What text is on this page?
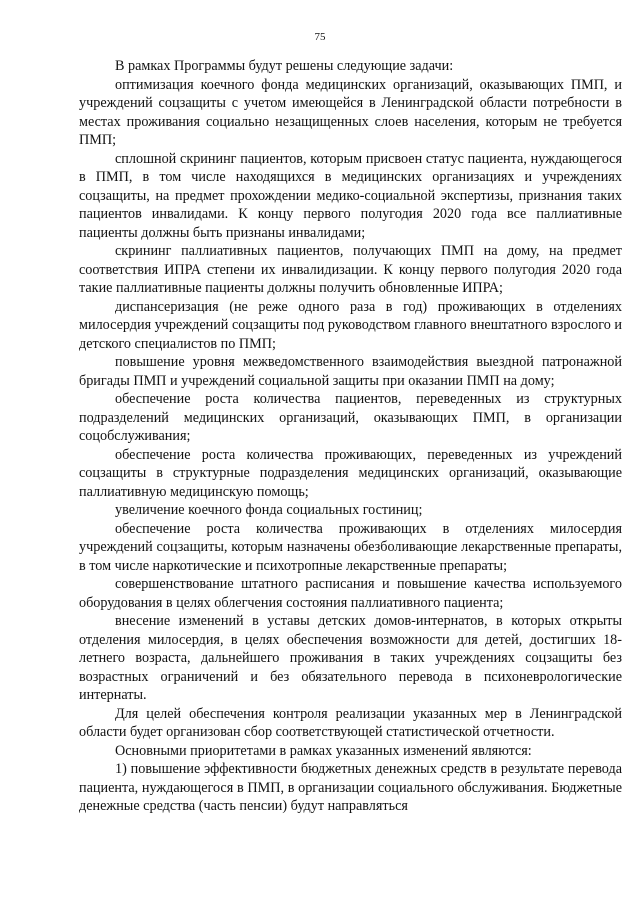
75

В рамках Программы будут решены следующие задачи:

оптимизация коечного фонда медицинских организаций, оказывающих ПМП, и учреждений соцзащиты с учетом имеющейся в Ленинградской области потребности в местах проживания социально незащищенных слоев населения, которым не требуется ПМП;

сплошной скрининг пациентов, которым присвоен статус пациента, нуждающегося в ПМП, в том числе находящихся в медицинских организациях и учреждениях соцзащиты, на предмет прохождении медико-социальной экспертизы, признания таких пациентов инвалидами. К концу первого полугодия 2020 года все паллиативные пациенты должны быть признаны инвалидами;

скрининг паллиативных пациентов, получающих ПМП на дому, на предмет соответствия ИПРА степени их инвалидизации. К концу первого полугодия 2020 года такие паллиативные пациенты должны получить обновленные ИПРА;

диспансеризация (не реже одного раза в год) проживающих в отделениях милосердия учреждений соцзащиты под руководством главного внештатного взрослого и детского специалистов по ПМП;

повышение уровня межведомственного взаимодействия выездной патронажной бригады ПМП и учреждений социальной защиты при оказании ПМП на дому;

обеспечение роста количества пациентов, переведенных из структурных подразделений медицинских организаций, оказывающих ПМП, в организации соцобслуживания;

обеспечение роста количества проживающих, переведенных из учреждений соцзащиты в структурные подразделения медицинских организаций, оказывающие паллиативную медицинскую помощь;

увеличение коечного фонда социальных гостиниц;

обеспечение роста количества проживающих в отделениях милосердия учреждений соцзащиты, которым назначены обезболивающие лекарственные препараты, в том числе наркотические и психотропные лекарственные препараты;

совершенствование штатного расписания и повышение качества используемого оборудования в целях облегчения состояния паллиативного пациента;

внесение изменений в уставы детских домов-интернатов, в которых открыты отделения милосердия, в целях обеспечения возможности для детей, достигших 18-летнего возраста, дальнейшего проживания в таких учреждениях соцзащиты без возрастных ограничений и без обязательного перевода в психоневрологические интернаты.

Для целей обеспечения контроля реализации указанных мер в Ленинградской области будет организован сбор соответствующей статистической отчетности.

Основными приоритетами в рамках указанных изменений являются:

1) повышение эффективности бюджетных денежных средств в результате перевода пациента, нуждающегося в ПМП, в организации социального обслуживания. Бюджетные денежные средства (часть пенсии) будут направляться
